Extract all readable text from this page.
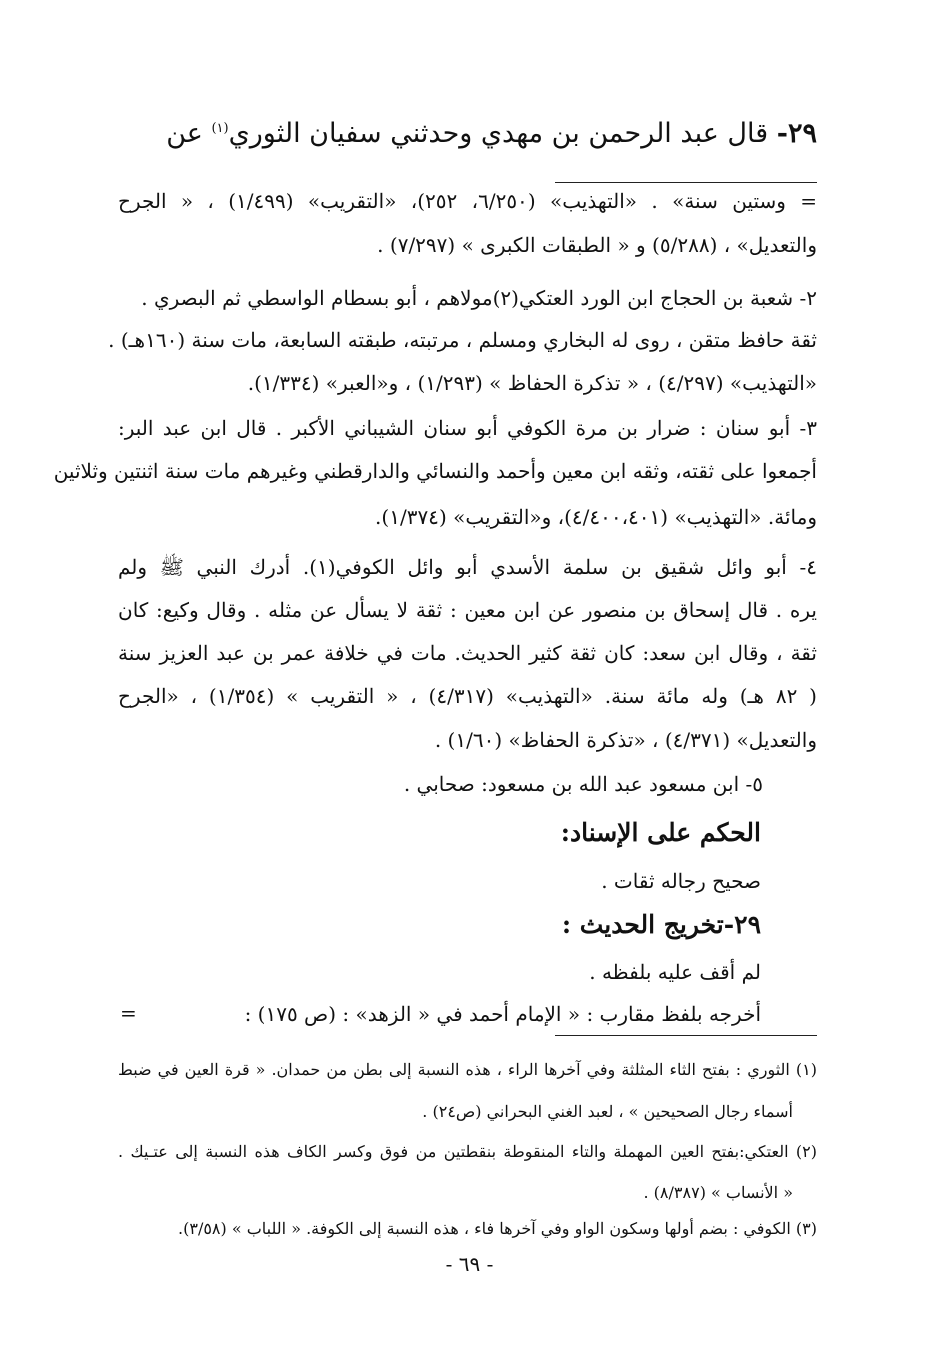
٢٩- قال عبد الرحمن بن مهدي وحدثني سفيان الثوري$^{(١)}$ عن
= وستين سنة» . «التهذيب» (٦/٢٥٠، ٢٥٢)، «التقريب» (١/٤٩٩) ، « الجرح
والتعديل» ، (٥/٢٨٨) و « الطبقات الكبرى » (٧/٢٩٧) .
٢- شعبة بن الحجاج ابن الورد العتكي(٢)مولاهم ، أبو بسطام الواسطي ثم البصري .
ثقة حافظ متقن ، روى له البخاري ومسلم ، مرتبته، طبقته السابعة، مات سنة (١٦٠هـ) .
«التهذيب» (٤/٢٩٧) ، « تذكرة الحفاظ » (١/٢٩٣) ، و«العبر» (١/٣٣٤).
٣- أبو سنان : ضرار بن مرة الكوفي أبو سنان الشيباني الأكبر . قال ابن عبد البر:
أجمعوا على ثقته، وثقه ابن معين وأحمد والنسائي والدارقطني وغيرهم مات سنة اثنتين وثلاثين
ومائة. «التهذيب» (٤/٤٠٠،٤٠١)، و«التقريب» (١/٣٧٤).
٤- أبو وائل شقيق بن سلمة الأسدي أبو وائل الكوفي(١). أدرك النبي ﷺ ولم
يره . قال إسحاق بن منصور عن ابن معين : ثقة لا يسأل عن مثله . وقال وكيع: كان
ثقة ، وقال ابن سعد: كان ثقة كثير الحديث. مات في خلافة عمر بن عبد العزيز سنة
( ٨٢ هـ) وله مائة سنة. «التهذيب» (٤/٣١٧) ، « التقريب » (١/٣٥٤) ، «الجرح
والتعديل» (٤/٣٧١) ، «تذكرة الحفاظ» (١/٦٠) .
٥- ابن مسعود عبد الله بن مسعود: صحابي .
الحكم على الإسناد:
صحيح رجاله ثقات .
٢٩-تخريج الحديث :
لم أقف عليه بلفظه .
أخرجه بلفظ مقارب : « الإمام أحمد في « الزهد» : (ص ١٧٥) :
=
(١) الثوري : بفتح الثاء المثلثة وفي آخرها الراء ، هذه النسبة إلى بطن من حمدان. « قرة العين في ضبط
أسماء رجال الصحيحين » ، لعبد الغني البحراني (ص٢٤) .
(٢) العتكي:بفتح العين المهملة والتاء المنقوطة بنقطتين من فوق وكسر الكاف هذه النسبة إلى عتـيك .
« الأنساب » (٨/٣٨٧) .
(٣) الكوفي : بضم أولها وسكون الواو وفي آخرها فاء ، هذه النسبة إلى الكوفة. « اللباب » (٣/٥٨).
- ٦٩ -
